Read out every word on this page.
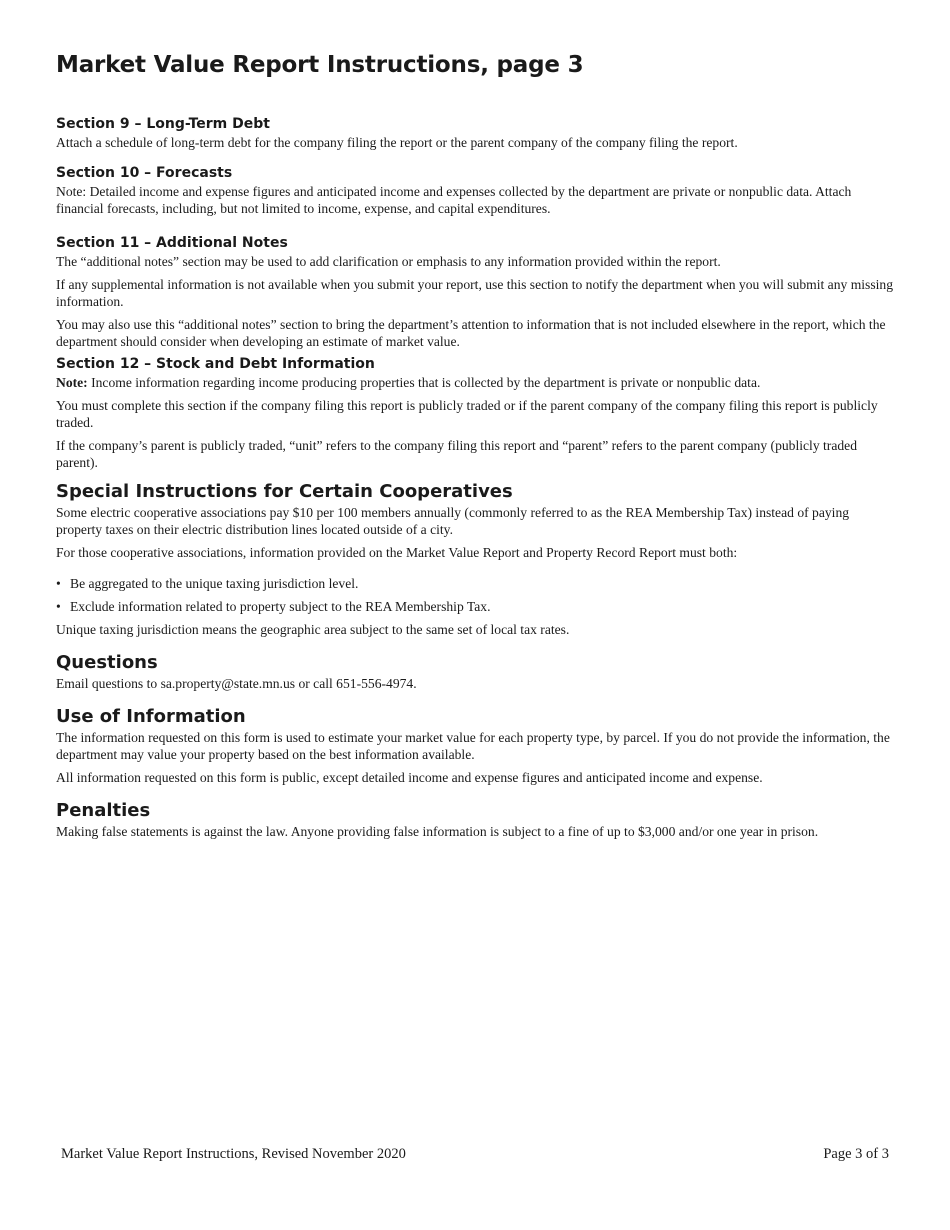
Market Value Report Instructions, page 3
Section 9 – Long-Term Debt

Attach a schedule of long-term debt for the company filing the report or the parent company of the company filing the report.

Section 10 – Forecasts

Note: Detailed income and expense figures and anticipated income and expenses collected by the department are private or nonpublic data. Attach financial forecasts, including, but not limited to income, expense, and capital expenditures.

Section 11 – Additional Notes

The “additional notes” section may be used to add clarification or emphasis to any information provided within the report.

If any supplemental information is not available when you submit your report, use this section to notify the department when you will submit any missing information.

You may also use this “additional notes” section to bring the department’s attention to information that is not included elsewhere in the report, which the department should consider when developing an estimate of market value.

Section 12 – Stock and Debt Information

Note: Income information regarding income producing properties that is collected by the department is private or nonpublic data.

You must complete this section if the company filing this report is publicly traded or if the parent company of the company filing this report is publicly traded.

If the company’s parent is publicly traded, “unit” refers to the company filing this report and “parent” refers to the parent company (publicly traded parent).

Special Instructions for Certain Cooperatives

Some electric cooperative associations pay $10 per 100 members annually (commonly referred to as the REA Membership Tax) instead of paying property taxes on their electric distribution lines located outside of a city.

For those cooperative associations, information provided on the Market Value Report and Property Record Report must both:

• Be aggregated to the unique taxing jurisdiction level.
• Exclude information related to property subject to the REA Membership Tax.

Unique taxing jurisdiction means the geographic area subject to the same set of local tax rates.

Questions

Email questions to sa.property@state.mn.us or call 651-556-4974.

Use of Information

The information requested on this form is used to estimate your market value for each property type, by parcel. If you do not provide the information, the department may value your property based on the best information available.

All information requested on this form is public, except detailed income and expense figures and anticipated income and expense.

Penalties

Making false statements is against the law. Anyone providing false information is subject to a fine of up to $3,000 and/or one year in prison.

Market Value Report Instructions, Revised November 2020	Page 3 of 3
